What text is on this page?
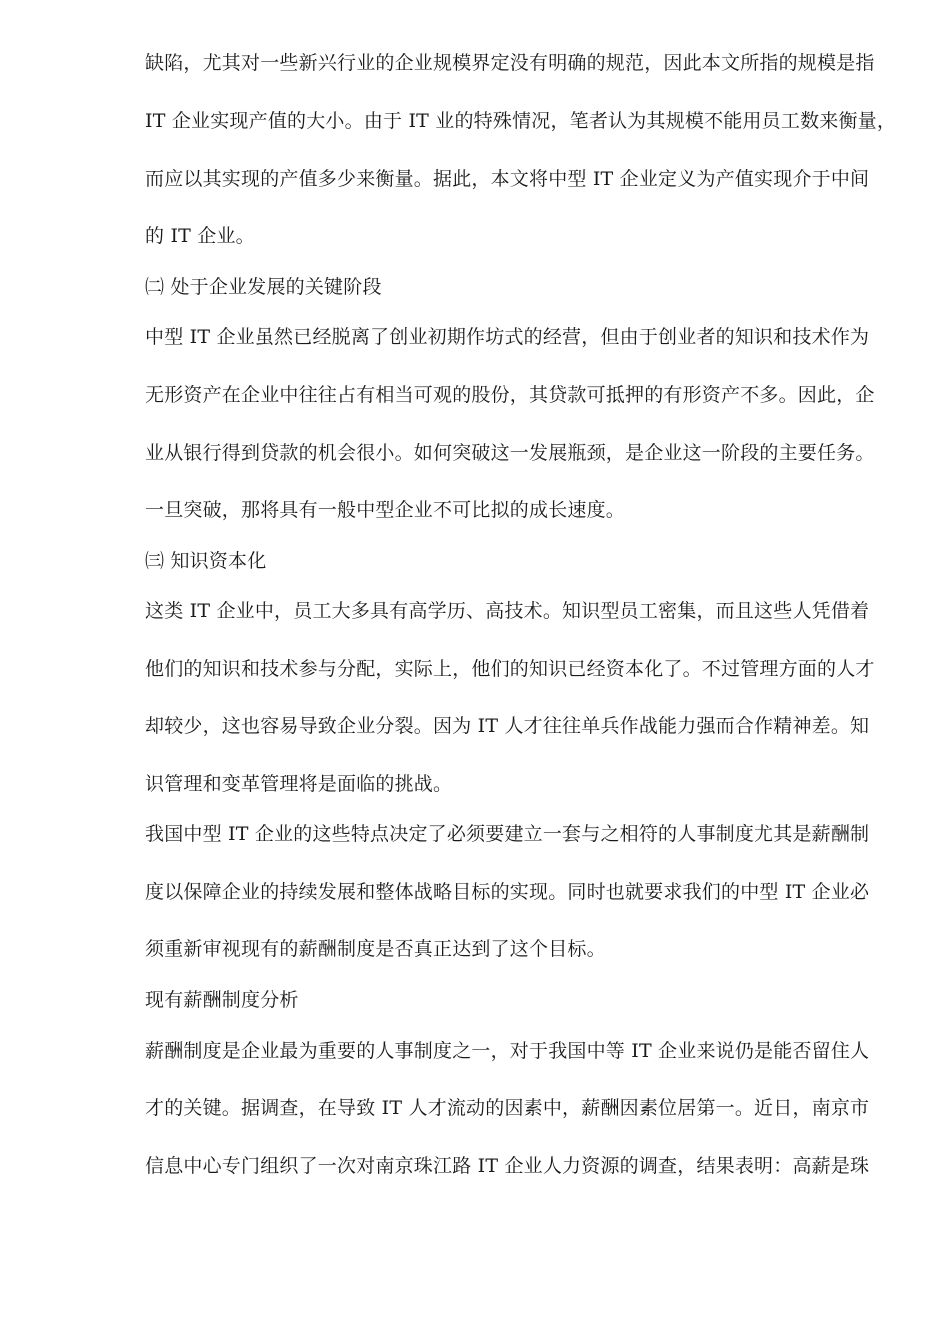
缺陷，尤其对一些新兴行业的企业规模界定没有明确的规范，因此本文所指的规模是指
IT 企业实现产值的大小。由于 IT 业的特殊情况，笔者认为其规模不能用员工数来衡量，
而应以其实现的产值多少来衡量。据此，本文将中型 IT 企业定义为产值实现介于中间
的 IT 企业。
㈡ 处于企业发展的关键阶段
中型 IT 企业虽然已经脱离了创业初期作坊式的经营，但由于创业者的知识和技术作为
无形资产在企业中往往占有相当可观的股份，其贷款可抵押的有形资产不多。因此，企
业从银行得到贷款的机会很小。如何突破这一发展瓶颈，是企业这一阶段的主要任务。
一旦突破，那将具有一般中型企业不可比拟的成长速度。
㈢ 知识资本化
这类 IT 企业中，员工大多具有高学历、高技术。知识型员工密集，而且这些人凭借着
他们的知识和技术参与分配，实际上，他们的知识已经资本化了。不过管理方面的人才
却较少，这也容易导致企业分裂。因为 IT 人才往往单兵作战能力强而合作精神差。知
识管理和变革管理将是面临的挑战。
我国中型 IT 企业的这些特点决定了必须要建立一套与之相符的人事制度尤其是薪酬制
度以保障企业的持续发展和整体战略目标的实现。同时也就要求我们的中型 IT 企业必
须重新审视现有的薪酬制度是否真正达到了这个目标。
现有薪酬制度分析
薪酬制度是企业最为重要的人事制度之一，对于我国中等 IT 企业来说仍是能否留住人
才的关键。据调查，在导致 IT 人才流动的因素中，薪酬因素位居第一。近日，南京市
信息中心专门组织了一次对南京珠江路 IT 企业人力资源的调查，结果表明：高薪是珠
